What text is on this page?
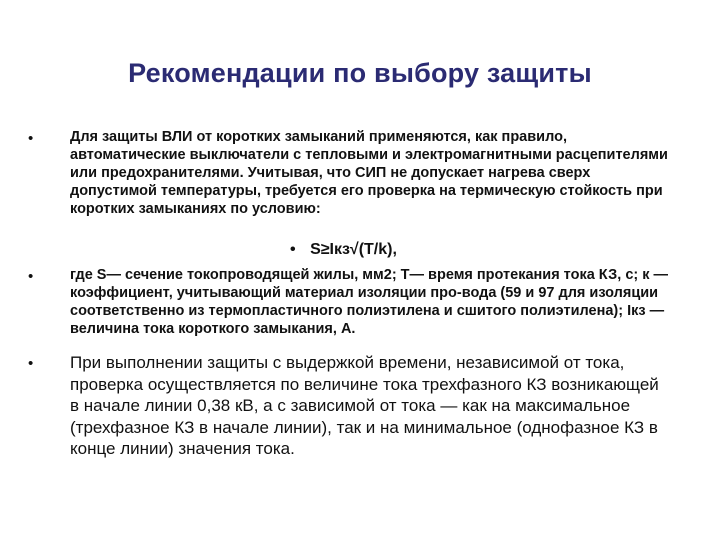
Рекомендации по выбору защиты
•	Для защиты ВЛИ от коротких замыканий применяются, как правило, автоматические выключатели с тепловыми и электромагнитными расцепителями или предохранителями. Учитывая, что СИП не допускает нагрева сверх допустимой температуры, требуется его проверка на термическую стойкость при коротких замыканиях по условию:
• S≥Iкз√(T/k),
•	где S— сечение токопроводящей жилы, мм2; Т— время протекания тока КЗ, с; к — коэффициент, учитывающий материал изоляции про-вода (59 и 97 для изоляции соответственно из термопластичного полиэтилена и сшитого полиэтилена); Iкз — величина тока короткого замыкания, А.
• При выполнении защиты с выдержкой времени, независимой от тока, проверка осуществляется по величине тока трехфазного КЗ возникающей в начале линии 0,38 кВ, а с зависимой от тока — как на максимальное (трехфазное КЗ в начале линии), так и на минимальное (однофазное КЗ в конце линии) значения тока.
